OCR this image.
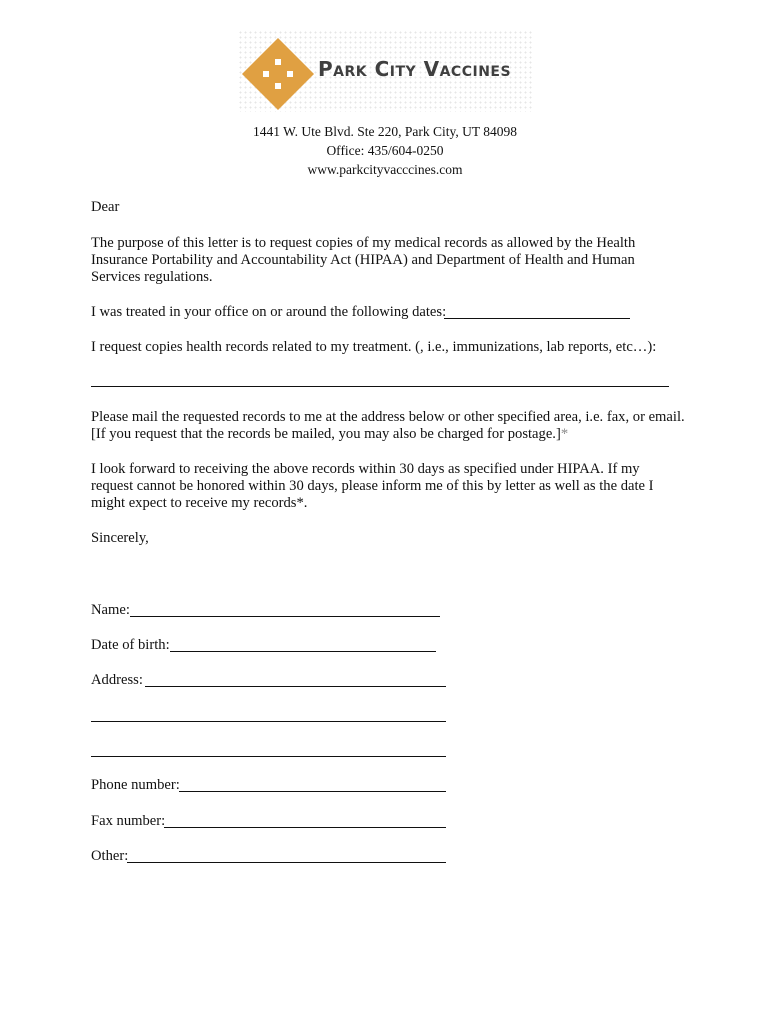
Park City Vaccines
1441 W. Ute Blvd. Ste 220, Park City, UT 84098
Office: 435/604-0250
www.parkcityvacccines.com
Dear
The purpose of this letter is to request copies of my medical records as allowed by the Health
Insurance Portability and Accountability Act (HIPAA) and Department of Health and Human
Services regulations.
I was treated in your office on or around the following dates:
I request copies health records related to my treatment. (, i.e., immunizations, lab reports, etc…):
Please mail the requested records to me at the address below or other specified area, i.e. fax, or email.
[If you request that the records be mailed, you may also be charged for postage.]*
I look forward to receiving the above records within 30 days as specified under HIPAA. If my
request cannot be honored within 30 days, please inform me of this by letter as well as the date I
might expect to receive my records*.
Sincerely,
Name:
Date of birth:
Address:
Phone number:
Fax number:
Other:
